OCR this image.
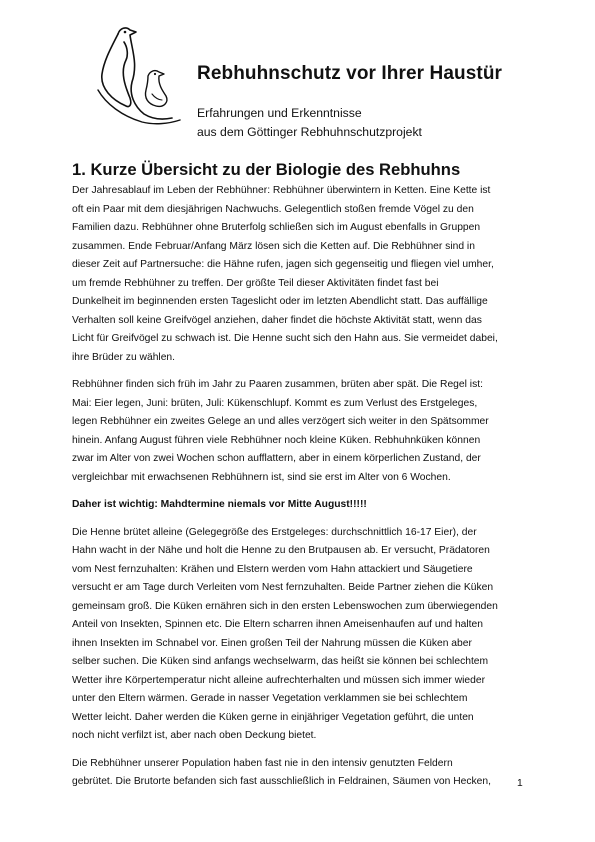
Rebhuhnschutz vor Ihrer Haustür
Erfahrungen und Erkenntnisse
aus dem Göttinger Rebhuhnschutzprojekt
1. Kurze Übersicht zu der Biologie des Rebhuhns

Der Jahresablauf im Leben der Rebhühner: Rebhühner überwintern in Ketten. Eine Kette ist
oft ein Paar mit dem diesjährigen Nachwuchs. Gelegentlich stoßen fremde Vögel zu den
Familien dazu. Rebhühner ohne Bruterfolg schließen sich im August ebenfalls in Gruppen
zusammen. Ende Februar/Anfang März lösen sich die Ketten auf. Die Rebhühner sind in
dieser Zeit auf Partnersuche: die Hähne rufen, jagen sich gegenseitig und fliegen viel umher,
um fremde Rebhühner zu treffen. Der größte Teil dieser Aktivitäten findet fast bei
Dunkelheit im beginnenden ersten Tageslicht oder im letzten Abendlicht statt. Das auffällige
Verhalten soll keine Greifvögel anziehen, daher findet die höchste Aktivität statt, wenn das
Licht für Greifvögel zu schwach ist. Die Henne sucht sich den Hahn aus. Sie vermeidet dabei,
ihre Brüder zu wählen.

Rebhühner finden sich früh im Jahr zu Paaren zusammen, brüten aber spät. Die Regel ist:
Mai: Eier legen, Juni: brüten, Juli: Kükenschlupf. Kommt es zum Verlust des Erstgeleges,
legen Rebhühner ein zweites Gelege an und alles verzögert sich weiter in den Spätsommer
hinein. Anfang August führen viele Rebhühner noch kleine Küken. Rebhuhnküken können
zwar im Alter von zwei Wochen schon aufflattern, aber in einem körperlichen Zustand, der
vergleichbar mit erwachsenen Rebhühnern ist, sind sie erst im Alter von 6 Wochen.

Daher ist wichtig: Mahdtermine niemals vor Mitte August!!!!!

Die Henne brütet alleine (Gelegegröße des Erstgeleges: durchschnittlich 16-17 Eier), der
Hahn wacht in der Nähe und holt die Henne zu den Brutpausen ab. Er versucht, Prädatoren
vom Nest fernzuhalten: Krähen und Elstern werden vom Hahn attackiert und Säugetiere
versucht er am Tage durch Verleiten vom Nest fernzuhalten. Beide Partner ziehen die Küken
gemeinsam groß. Die Küken ernähren sich in den ersten Lebenswochen zum überwiegenden
Anteil von Insekten, Spinnen etc. Die Eltern scharren ihnen Ameisenhaufen auf und halten
ihnen Insekten im Schnabel vor. Einen großen Teil der Nahrung müssen die Küken aber
selber suchen. Die Küken sind anfangs wechselwarm, das heißt sie können bei schlechtem
Wetter ihre Körpertemperatur nicht alleine aufrechterhalten und müssen sich immer wieder
unter den Eltern wärmen. Gerade in nasser Vegetation verklammen sie bei schlechtem
Wetter leicht. Daher werden die Küken gerne in einjähriger Vegetation geführt, die unten
noch nicht verfilzt ist, aber nach oben Deckung bietet.

Die Rebhühner unserer Population haben fast nie in den intensiv genutzten Feldern
gebrütet. Die Brutorte befanden sich fast ausschließlich in Feldrainen, Säumen von Hecken,	1
